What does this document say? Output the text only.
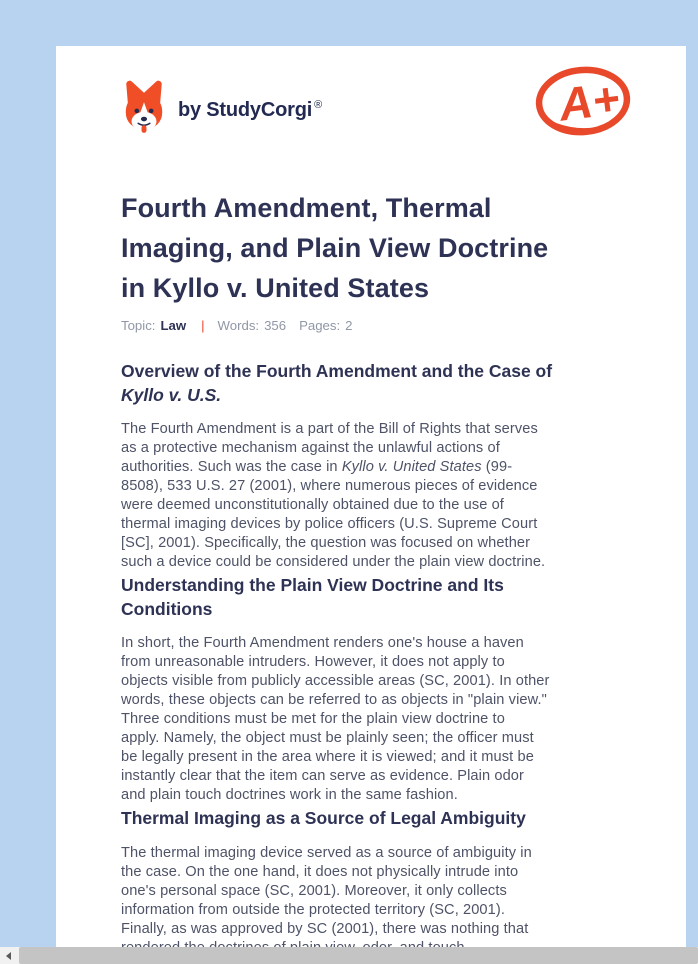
by StudyCorgi ®	A+
Fourth Amendment, Thermal
Imaging, and Plain View Doctrine
in Kyllo v. United States
Topic: Law | Words: 356 Pages: 2
Overview of the Fourth Amendment and the Case of
Kyllo v. U.S.
The Fourth Amendment is a part of the Bill of Rights that serves
as a protective mechanism against the unlawful actions of
authorities. Such was the case in Kyllo v. United States (99-
8508), 533 U.S. 27 (2001), where numerous pieces of evidence
were deemed unconstitutionally obtained due to the use of
thermal imaging devices by police officers (U.S. Supreme Court
[SC], 2001). Specifically, the question was focused on whether
such a device could be considered under the plain view doctrine.
Understanding the Plain View Doctrine and Its
Conditions
In short, the Fourth Amendment renders one's house a haven
from unreasonable intruders. However, it does not apply to
objects visible from publicly accessible areas (SC, 2001). In other
words, these objects can be referred to as objects in "plain view."
Three conditions must be met for the plain view doctrine to
apply. Namely, the object must be plainly seen; the officer must
be legally present in the area where it is viewed; and it must be
instantly clear that the item can serve as evidence. Plain odor
and plain touch doctrines work in the same fashion.
Thermal Imaging as a Source of Legal Ambiguity
The thermal imaging device served as a source of ambiguity in
the case. On the one hand, it does not physically intrude into
one's personal space (SC, 2001). Moreover, it only collects
information from outside the protected territory (SC, 2001).
Finally, as was approved by SC (2001), there was nothing that
